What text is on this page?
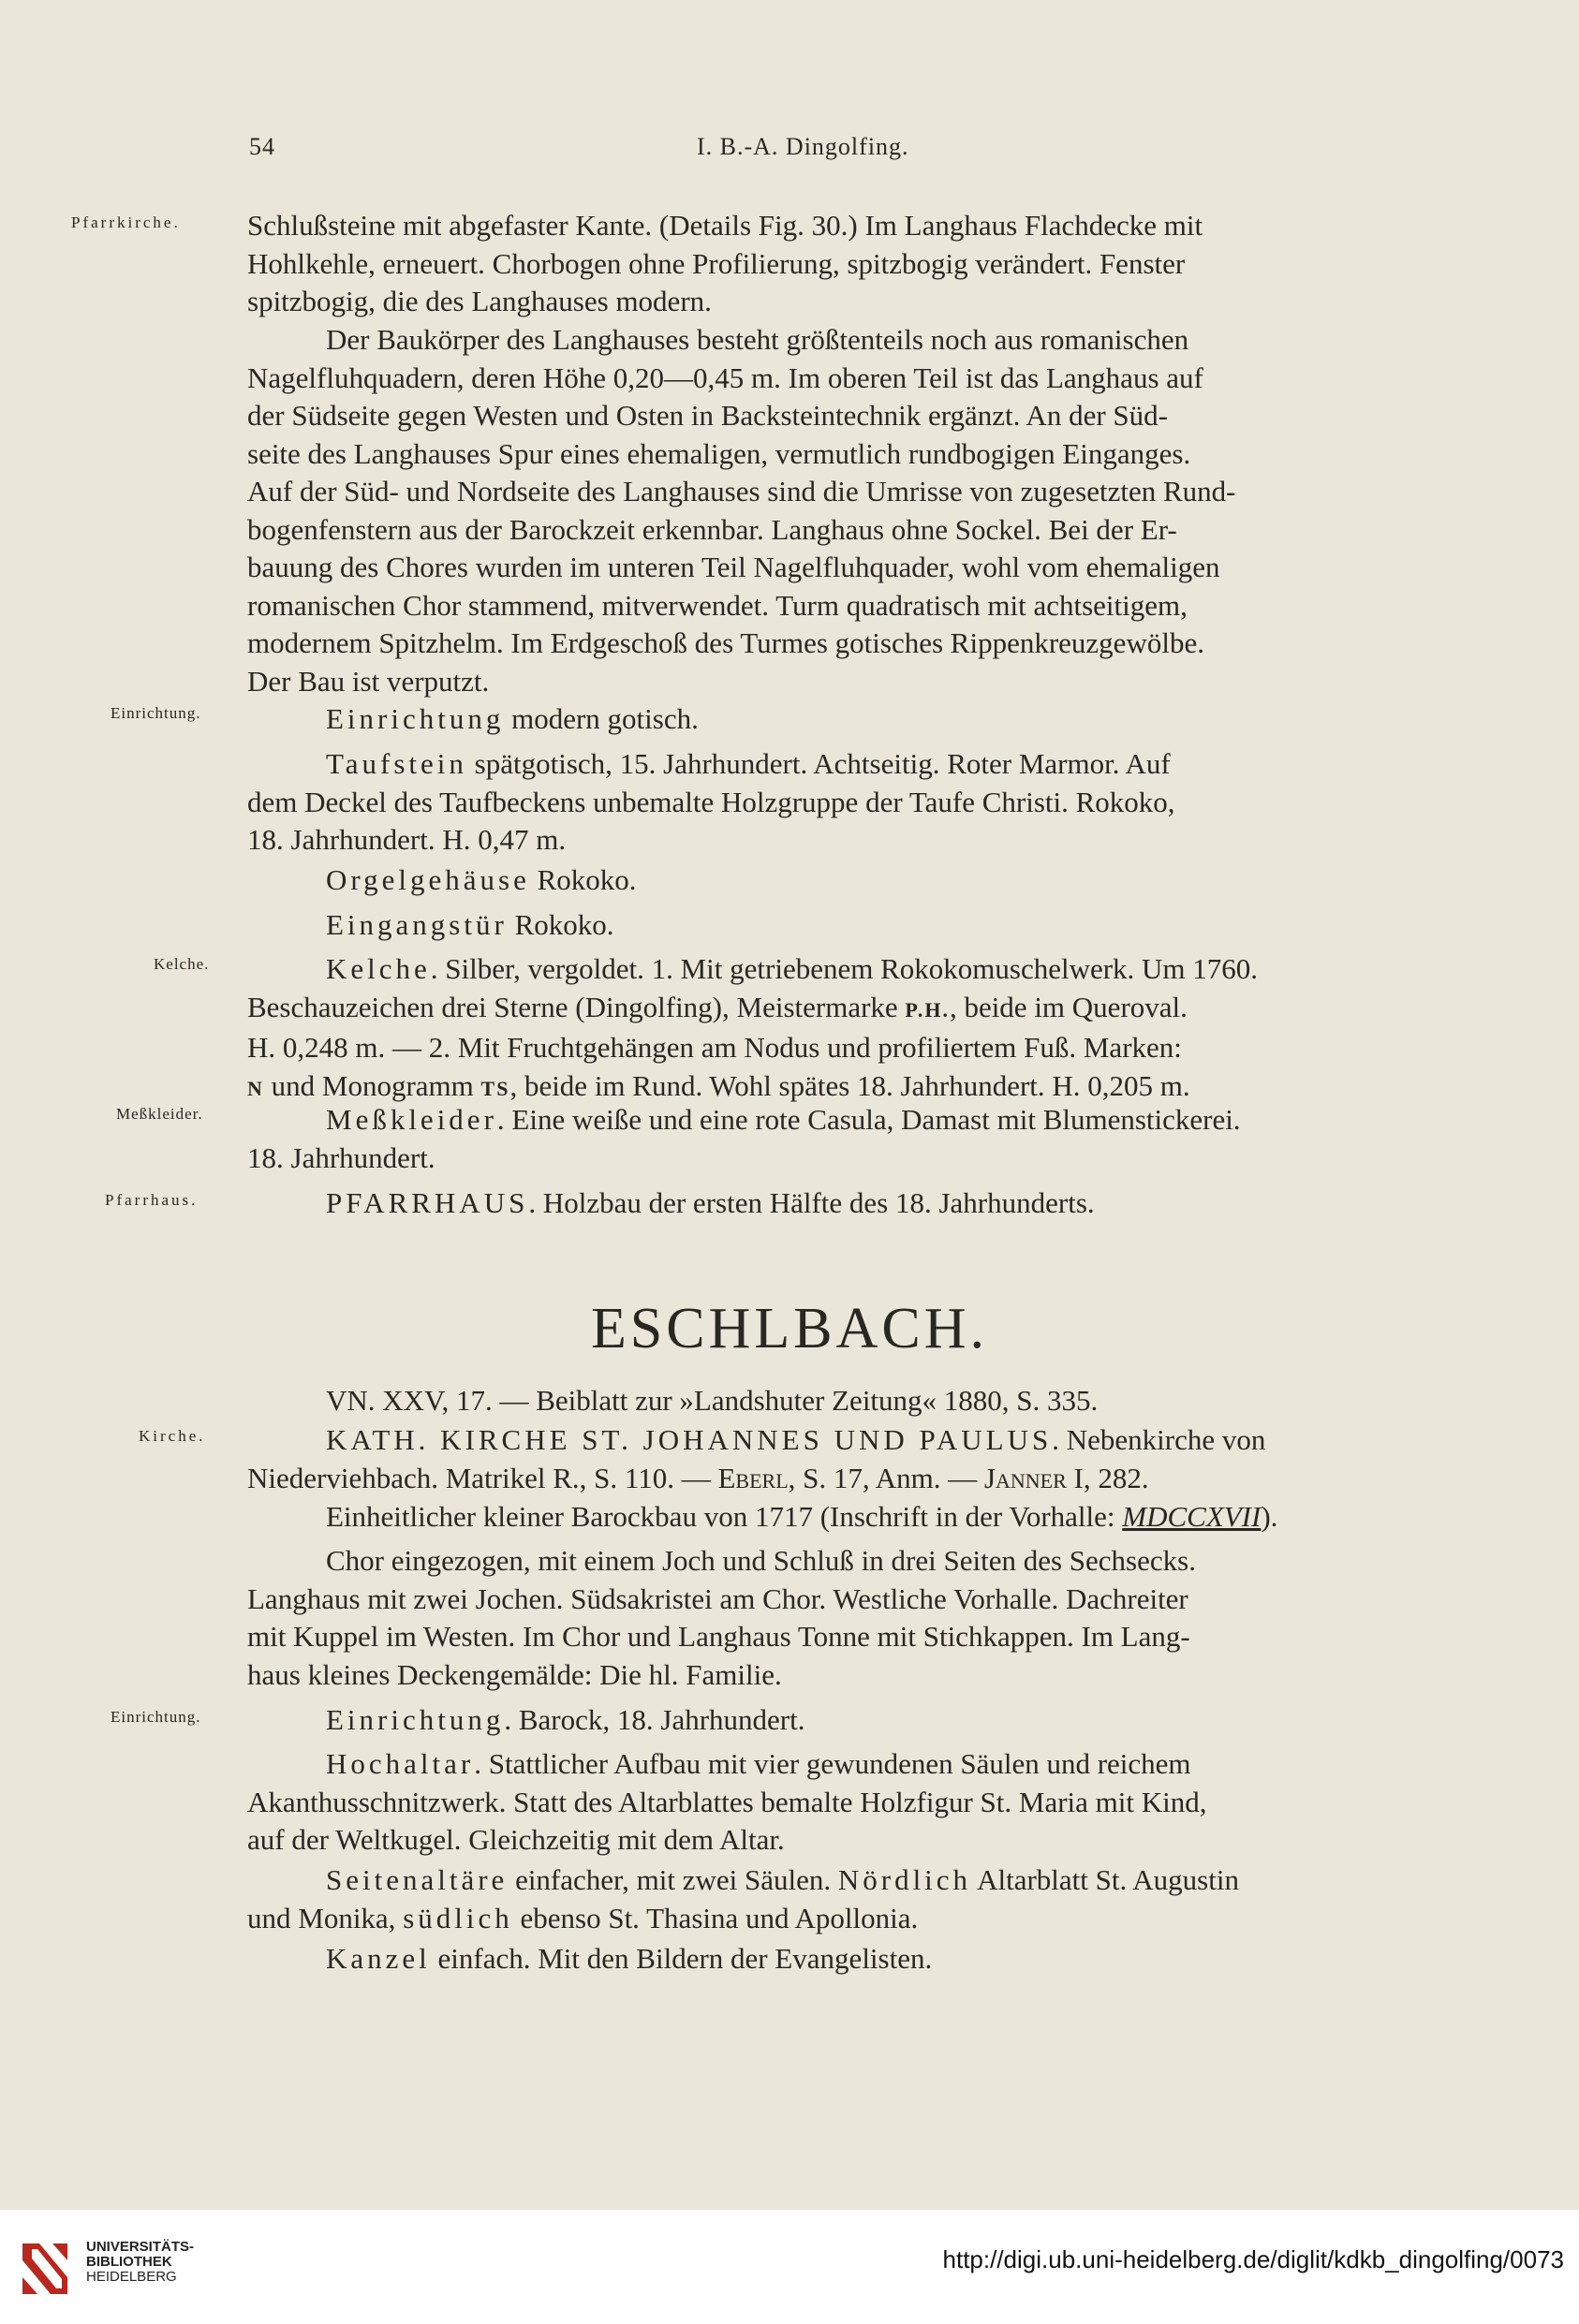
54	I. B.-A. Dingolfing.
Pfarrkirche.
Einrichtung.
Kelche.
Meßkleider.
Pfarrhaus.
Kirche.
Einrichtung.
Schlußsteine mit abgefaster Kante. (Details Fig. 30.) Im Langhaus Flachdecke mit
Hohlkehle, erneuert. Chorbogen ohne Profilierung, spitzbogig verändert. Fenster
spitzbogig, die des Langhauses modern.
Der Baukörper des Langhauses besteht größtenteils noch aus romanischen
Nagelfluhquadern, deren Höhe 0,20—0,45 m. Im oberen Teil ist das Langhaus auf
der Südseite gegen Westen und Osten in Backsteintechnik ergänzt. An der Süd-
seite des Langhauses Spur eines ehemaligen, vermutlich rundbogigen Einganges.
Auf der Süd- und Nordseite des Langhauses sind die Umrisse von zugesetzten Rund-
bogenfenstern aus der Barockzeit erkennbar. Langhaus ohne Sockel. Bei der Er-
bauung des Chores wurden im unteren Teil Nagelfluhquader, wohl vom ehemaligen
romanischen Chor stammend, mitverwendet. Turm quadratisch mit achtseitigem,
modernem Spitzhelm. Im Erdgeschoß des Turmes gotisches Rippenkreuzgewölbe.
Der Bau ist verputzt.
Einrichtung modern gotisch.
Taufstein spätgotisch, 15. Jahrhundert. Achtseitig. Roter Marmor. Auf
dem Deckel des Taufbeckens unbemalte Holzgruppe der Taufe Christi. Rokoko,
18. Jahrhundert. H. 0,47 m.
Orgelgehäuse Rokoko.
Eingangstür Rokoko.
Kelche. Silber, vergoldet. 1. Mit getriebenem Rokokomuschelwerk. Um 1760.
Beschauzeichen drei Sterne (Dingolfing), Meistermarke P.H., beide im Queroval.
H. 0,248 m. — 2. Mit Fruchtgehängen am Nodus und profiliertem Fuß. Marken:
N und Monogramm TS, beide im Rund. Wohl spätes 18. Jahrhundert. H. 0,205 m.
Meßkleider. Eine weiße und eine rote Casula, Damast mit Blumenstickerei.
18. Jahrhundert.
PFARRHAUS. Holzbau der ersten Hälfte des 18. Jahrhunderts.
ESCHLBACH.
VN. XXV, 17. — Beiblatt zur »Landshuter Zeitung« 1880, S. 335.
KATH. KIRCHE ST. JOHANNES UND PAULUS. Nebenkirche von
Niederviehbach. Matrikel R., S. 110. — Eberl, S. 17, Anm. — Janner I, 282.
Einheitlicher kleiner Barockbau von 1717 (Inschrift in der Vorhalle: MDCCXVII).
Chor eingezogen, mit einem Joch und Schluß in drei Seiten des Sechsecks.
Langhaus mit zwei Jochen. Südsakristei am Chor. Westliche Vorhalle. Dachreiter
mit Kuppel im Westen. Im Chor und Langhaus Tonne mit Stichkappen. Im Lang-
haus kleines Deckengemälde: Die hl. Familie.
Einrichtung. Barock, 18. Jahrhundert.
Hochaltar. Stattlicher Aufbau mit vier gewundenen Säulen und reichem
Akanthusschnitzwerk. Statt des Altarblattes bemalte Holzfigur St. Maria mit Kind,
auf der Weltkugel. Gleichzeitig mit dem Altar.
Seitenaltäre einfacher, mit zwei Säulen. Nördlich Altarblatt St. Augustin
und Monika, südlich ebenso St. Thasina und Apollonia.
Kanzel einfach. Mit den Bildern der Evangelisten.
UNIVERSITÄTS-
BIBLIOTHEK
HEIDELBERG
http://digi.ub.uni-heidelberg.de/diglit/kdkb_dingolfing/0073
